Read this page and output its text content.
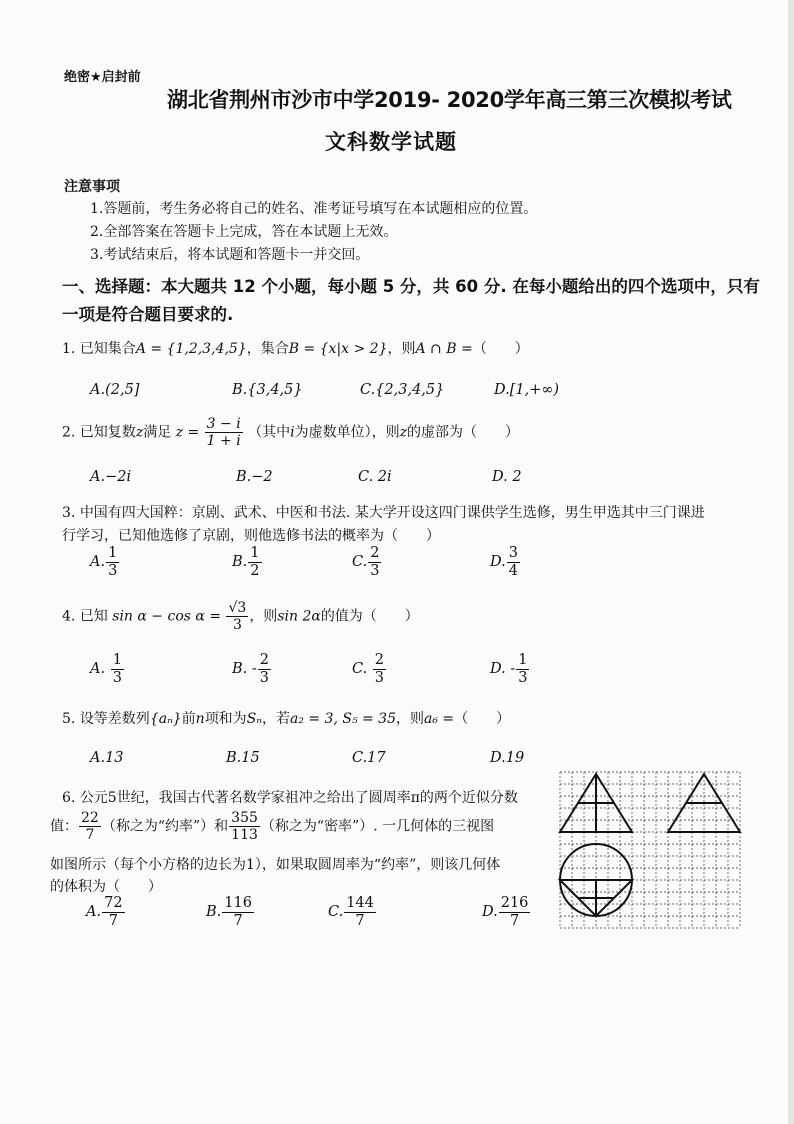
绝密★启封前
湖北省荆州市沙市中学2019- 2020学年高三第三次模拟考试
文科数学试题
注意事项
1.答题前，考生务必将自己的姓名、准考证号填写在本试题相应的位置。
2.全部答案在答题卡上完成，答在本试题上无效。
3.考试结束后，将本试题和答题卡一并交回。
一、选择题：本大题共 12 个小题，每小题 5 分，共 60 分. 在每小题给出的四个选项中，只有
一项是符合题目要求的.
1. 已知集合A = {1,2,3,4,5}，集合B = {x|x > 2}，则A ∩ B =（　　）
A.(2,5]	B.{3,4,5}	C.{2,3,4,5}	D.[1,+∞)
2. 已知复数z满足 $z = \frac{3 - i}{1 + i}$ （其中i为虚数单位），则z的虚部为（　　）
A.−2i	B.−2	C. 2i	D. 2
3. 中国有四大国粹：京剧、武术、中医和书法. 某大学开设这四门课供学生选修，男生甲选其中三门课进
行学习，已知他选修了京剧，则他选修书法的概率为（　　）
A. $\frac{1}{3}$	B. $\frac{1}{2}$	C. $\frac{2}{3}$	D. $\frac{3}{4}$
4. 已知 $\sin \alpha - \cos \alpha = \frac{√3}{3}$ ，则sin 2α的值为（　　）
A. $\frac{1}{3}$	B. - $\frac{2}{3}$	C. $\frac{2}{3}$	D. - $\frac{1}{3}$
5. 设等差数列{aₙ}前n项和为Sₙ，若a₂ = 3, S₅ = 35，则a₆ =（　　）
A.13	B.15	C.17	D.19
6. 公元5世纪，我国古代著名数学家祖冲之给出了圆周率π的两个近似分数
值： $\frac{22}{7}$ （称之为“约率”）和 $\frac{355}{113}$ （称之为“密率”）. 一几何体的三视图
如图所示（每个小方格的边长为1），如果取圆周率为“约率”，则该几何体
的体积为（　　）
A. $\frac{72}{7}$	B. $\frac{116}{7}$	C. $\frac{144}{7}$	D. $\frac{216}{7}$
